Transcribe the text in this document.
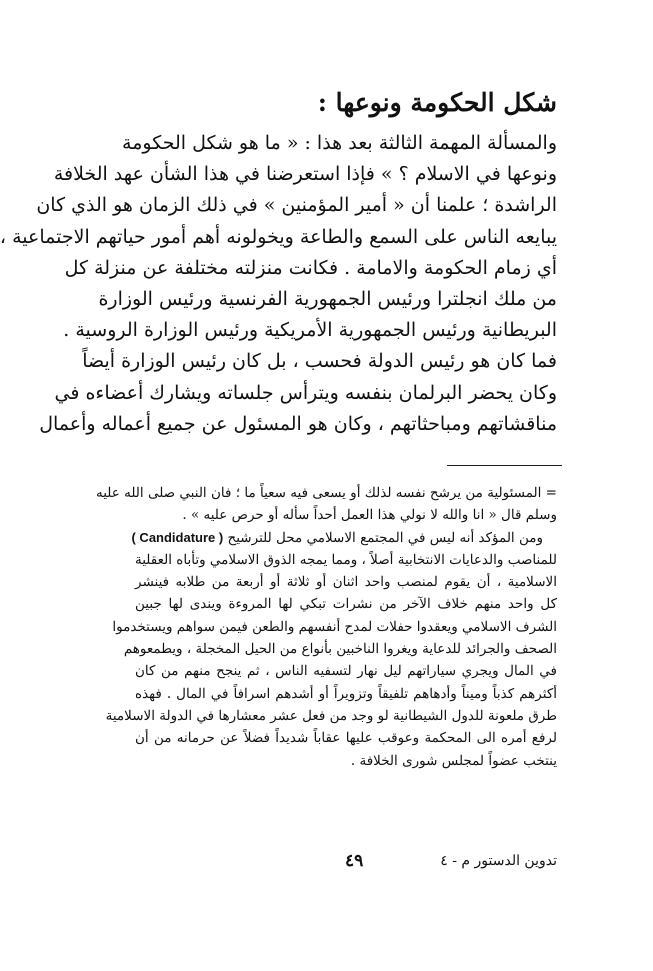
شكل الحكومة ونوعها :
والمسألة المهمة الثالثة بعد هذا : « ما هو شكل الحكومة
ونوعها في الاسلام ؟ » فإذا استعرضنا في هذا الشأن عهد الخلافة
الراشدة ؛ علمنا أن « أمير المؤمنين » في ذلك الزمان هو الذي كان
يبايعه الناس على السمع والطاعة ويخولونه أهم أمور حياتهم الاجتماعية ،
أي زمام الحكومة والامامة . فكانت منزلته مختلفة عن منزلة كل
من ملك انجلترا ورئيس الجمهورية الفرنسية ورئيس الوزارة
البريطانية ورئيس الجمهورية الأمريكية ورئيس الوزارة الروسية .
فما كان هو رئيس الدولة فحسب ، بل كان رئيس الوزارة أيضاً
وكان يحضر البرلمان بنفسه ويترأس جلساته ويشارك أعضاءه في
مناقشاتهم ومباحثاتهم ، وكان هو المسئول عن جميع أعماله وأعمال
= المسئولية من يرشح نفسه لذلك أو يسعى فيه سعياً ما ؛ فان النبي صلى الله عليه
وسلم قال « انا والله لا نولي هذا العمل أحداً سأله أو حرص عليه » .
ومن المؤكد أنه ليس في المجتمع الاسلامي محل للترشيح ( Candidature )
للمناصب والدعايات الانتخابية أصلاً ، ومما يمجه الذوق الاسلامي وتأباه العقلية
الاسلامية ، أن يقوم لمنصب واحد اثنان أو ثلاثة أو أربعة من طلابه فينشر
كل واحد منهم خلاف الآخر من نشرات تبكي لها المروءة ويندى لها جبين
الشرف الاسلامي ويعقدوا حفلات لمدح أنفسهم والطعن فيمن سواهم ويستخدموا
الصحف والجرائد للدعاية ويغروا الناخبين بأنواع من الحيل المخجلة ، ويطمعوهم
في المال ويجري سياراتهم ليل نهار لتسفيه الناس ، ثم ينجح منهم من كان
أكثرهم كذباً وميناً وأدهاهم تلفيقاً وتزويراً أو أشدهم اسرافاً في المال . فهذه
طرق ملعونة للدول الشيطانية لو وجد من فعل عشر معشارها في الدولة الاسلامية
لرفع أمره الى المحكمة وعوقب عليها عقاباً شديداً فضلاً عن حرمانه من أن
ينتخب عضواً لمجلس شورى الخلافة .
تدوين الدستور م - ٤
٤٩
